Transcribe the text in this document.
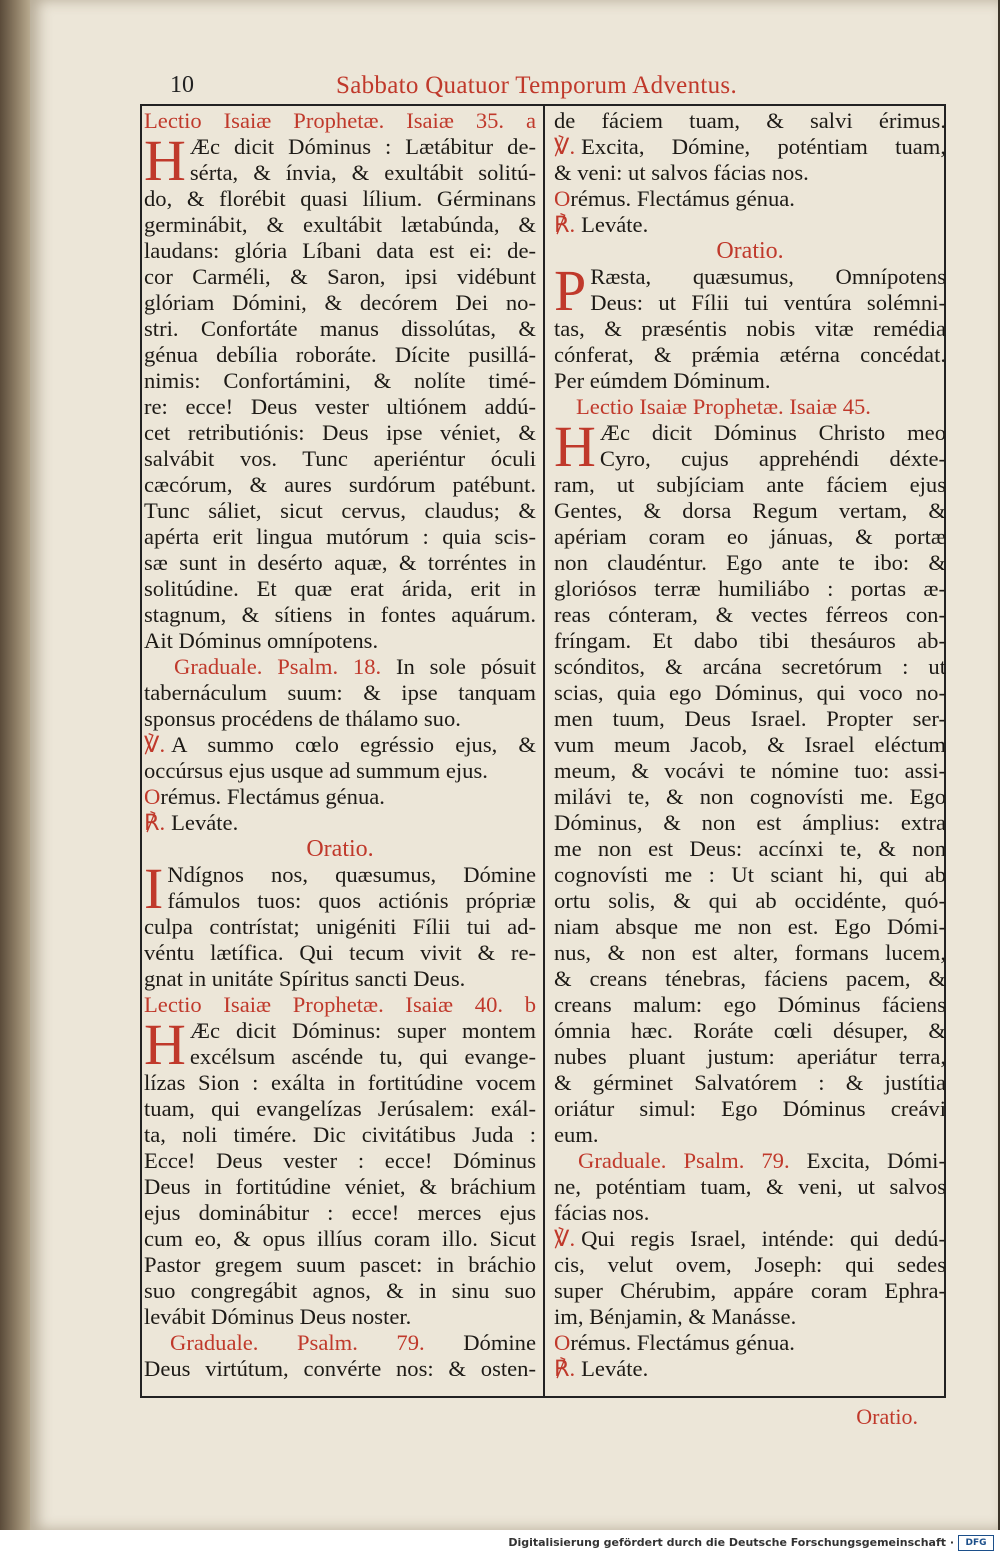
10	Sabbato Quatuor Temporum Adventus.

Lectio Isaiæ Prophetæ. Isaiæ 35. a

H Æc dicit Dóminus : Lætábitur de-

sérta, & ínvia, & exultábit solitú-

do, & florébit quasi lílium. Gérminans

germinábit, & exultábit lætabúnda, &

laudans: glória Líbani data est ei: de-

cor Carméli, & Saron, ipsi vidébunt

glóriam Dómini, & decórem Dei no-

stri. Confortáte manus dissolútas, &

génua debília roboráte. Dícite pusillá-

nimis: Confortámini, & nolíte timé-

re: ecce! Deus vester ultiónem addú-

cet retributiónis: Deus ipse véniet, &

salvábit vos. Tunc aperiéntur óculi

cæcórum, & aures surdórum patébunt.

Tunc sáliet, sicut cervus, claudus; &

apérta erit lingua mutórum : quia scis-

sæ sunt in desérto aquæ, & torréntes in

solitúdine. Et quæ erat árida, erit in

stagnum, & sítiens in fontes aquárum.

Ait Dóminus omnípotens.

Graduale. Psalm. 18. In sole pósuit

tabernáculum suum: & ipse tanquam

sponsus procédens de thálamo suo.

℣. A summo cœlo egréssio ejus, &

occúrsus ejus usque ad summum ejus.

Orémus. Flectámus génua.

℟. Leváte.

Oratio.

I Ndígnos nos, quæsumus, Dómine

fámulos tuos: quos actiónis própriæ

culpa contrístat; unigéniti Fílii tui ad-

véntu lætífica. Qui tecum vivit & re-

gnat in unitáte Spíritus sancti Deus.

Lectio Isaiæ Prophetæ. Isaiæ 40. b

H Æc dicit Dóminus: super montem

excélsum ascénde tu, qui evange-

lízas Sion : exálta in fortitúdine vocem

tuam, qui evangelízas Jerúsalem: exál-

ta, noli timére. Dic civitátibus Juda :

Ecce! Deus vester : ecce! Dóminus

Deus in fortitúdine véniet, & bráchium

ejus dominábitur : ecce! merces ejus

cum eo, & opus illíus coram illo. Sicut

Pastor gregem suum pascet: in bráchio

suo congregábit agnos, & in sinu suo

levábit Dóminus Deus noster.

Graduale. Psalm. 79. Dómine

Deus virtútum, convérte nos: & osten-

de fáciem tuam, & salvi érimus.

℣. Excita, Dómine, poténtiam tuam,

& veni: ut salvos fácias nos.

Orémus. Flectámus génua.

℟. Leváte.

Oratio.

P Ræsta, quæsumus, Omnípotens

Deus: ut Fílii tui ventúra solémni-

tas, & præséntis nobis vitæ remédia

cónferat, & prǽmia ætérna concédat.

Per eúmdem Dóminum.

Lectio Isaiæ Prophetæ. Isaiæ 45.

H Æc dicit Dóminus Christo meo

Cyro, cujus apprehéndi déxte-

ram, ut subjíciam ante fáciem ejus

Gentes, & dorsa Regum vertam, &

apériam coram eo jánuas, & portæ

non claudéntur. Ego ante te ibo: &

gloriósos terræ humiliábo : portas æ-

reas cónteram, & vectes férreos con-

fríngam. Et dabo tibi thesáuros ab-

scónditos, & arcána secretórum : ut

scias, quia ego Dóminus, qui voco no-

men tuum, Deus Israel. Propter ser-

vum meum Jacob, & Israel eléctum

meum, & vocávi te nómine tuo: assi-

milávi te, & non cognovísti me. Ego

Dóminus, & non est ámplius: extra

me non est Deus: accínxi te, & non

cognovísti me : Ut sciant hi, qui ab

ortu solis, & qui ab occidénte, quó-

niam absque me non est. Ego Dómi-

nus, & non est alter, formans lucem,

& creans ténebras, fáciens pacem, &

creans malum: ego Dóminus fáciens

ómnia hæc. Roráte cœli désuper, &

nubes pluant justum: aperiátur terra,

& gérminet Salvatórem : & justítia

oriátur simul: Ego Dóminus creávi

eum.

Graduale. Psalm. 79. Excita, Dómi-

ne, poténtiam tuam, & veni, ut salvos

fácias nos.

℣. Qui regis Israel, inténde: qui dedú-

cis, velut ovem, Joseph: qui sedes

super Chérubim, appáre coram Ephra-

im, Bénjamin, & Manásse.

Orémus. Flectámus génua.

℟. Leváte.

Oratio.
Digitalisierung gefördert durch die Deutsche Forschungsgemeinschaft ·	DFG
